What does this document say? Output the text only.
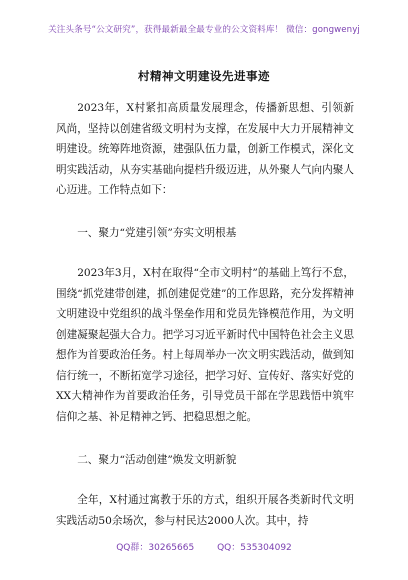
关注头条号“公文研究”，获得最新最全最专业的公文资料库！ 微信：gongwenyj
村精神文明建设先进事迹

2023年，X村紧扣高质量发展理念，传播新思想、引领新风尚，坚持以创建省级文明村为支撑，在发展中大力开展精神文明建设。统筹阵地资源，建强队伍力量，创新工作模式，深化文明实践活动，从夯实基础向提档升级迈进，从外聚人气向内聚人心迈进。工作特点如下：

一、聚力“党建引领”夯实文明根基

2023年3月，X村在取得“全市文明村”的基础上笃行不怠，围绕“抓党建带创建，抓创建促党建”的工作思路，充分发挥精神文明建设中党组织的战斗堡垒作用和党员先锋模范作用，为文明创建凝聚起强大合力。把学习习近平新时代中国特色社会主义思想作为首要政治任务。村上每周举办一次文明实践活动，做到知信行统一，不断拓宽学习途径，把学习好、宣传好、落实好党的XX大精神作为首要政治任务，引导党员干部在学思践悟中筑牢信仰之基、补足精神之钙、把稳思想之舵。

二、聚力“活动创建”焕发文明新貌

全年，X村通过寓教于乐的方式，组织开展各类新时代文明实践活动50余场次，参与村民达2000人次。其中，持

QQ群：30265665	QQ：535304092
